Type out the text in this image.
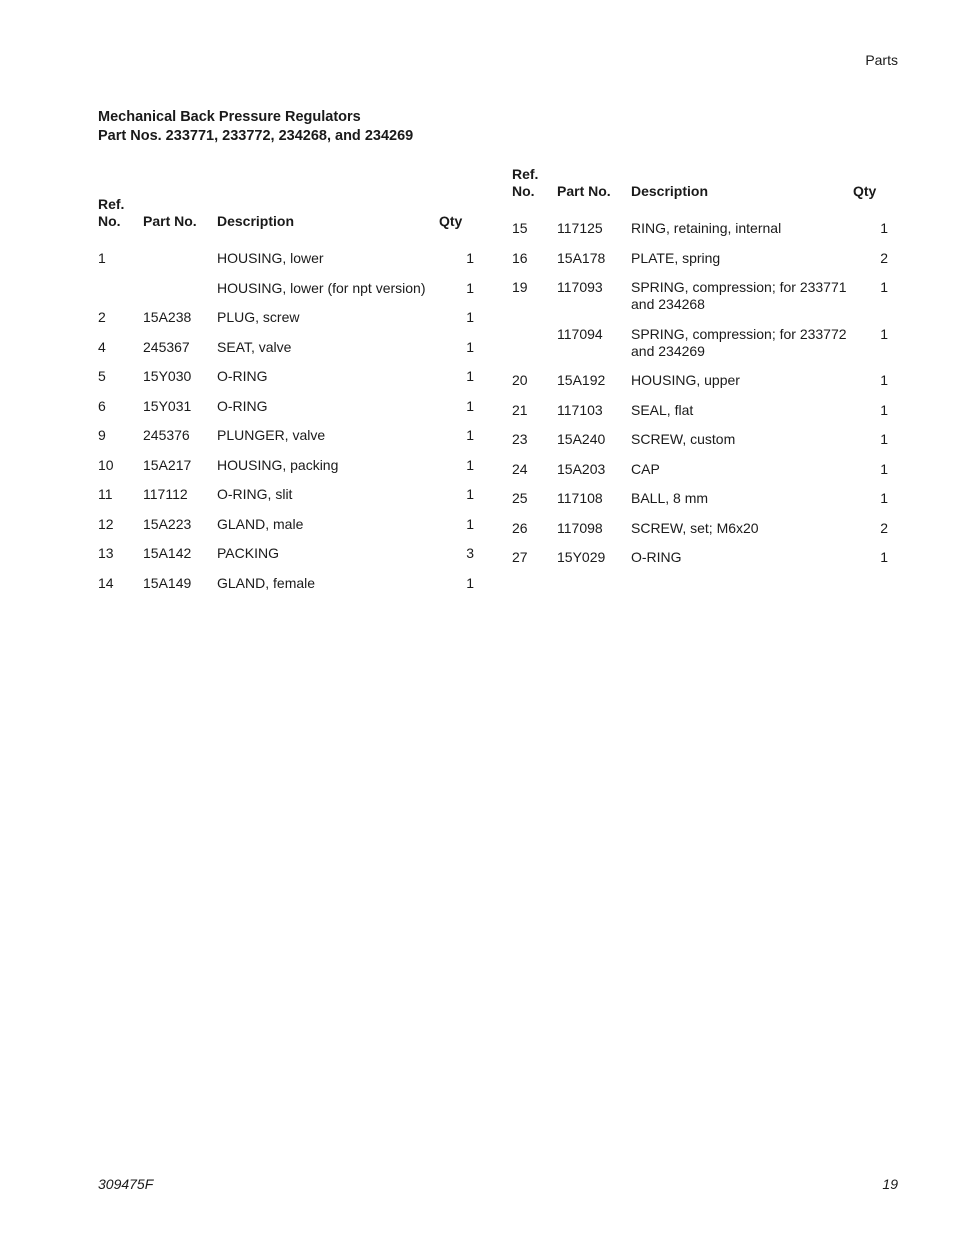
Parts
Mechanical Back Pressure Regulators
Part Nos. 233771, 233772, 234268, and 234269
Ref.
No.	Part No.	Description	Qty
1		HOUSING, lower	1
		HOUSING, lower (for npt version)	1
2	15A238	PLUG, screw	1
4	245367	SEAT, valve	1
5	15Y030	O-RING	1
6	15Y031	O-RING	1
9	245376	PLUNGER, valve	1
10	15A217	HOUSING, packing	1
11	117112	O-RING, slit	1
12	15A223	GLAND, male	1
13	15A142	PACKING	3
14	15A149	GLAND, female	1
Ref.
No.	Part No.	Description	Qty
15	117125	RING, retaining, internal	1
16	15A178	PLATE, spring	2
19	117093	SPRING, compression; for 233771 and 234268	1
	117094	SPRING, compression; for 233772 and 234269	1
20	15A192	HOUSING, upper	1
21	117103	SEAL, flat	1
23	15A240	SCREW, custom	1
24	15A203	CAP	1
25	117108	BALL, 8 mm	1
26	117098	SCREW, set; M6x20	2
27	15Y029	O-RING	1
309475F	19
